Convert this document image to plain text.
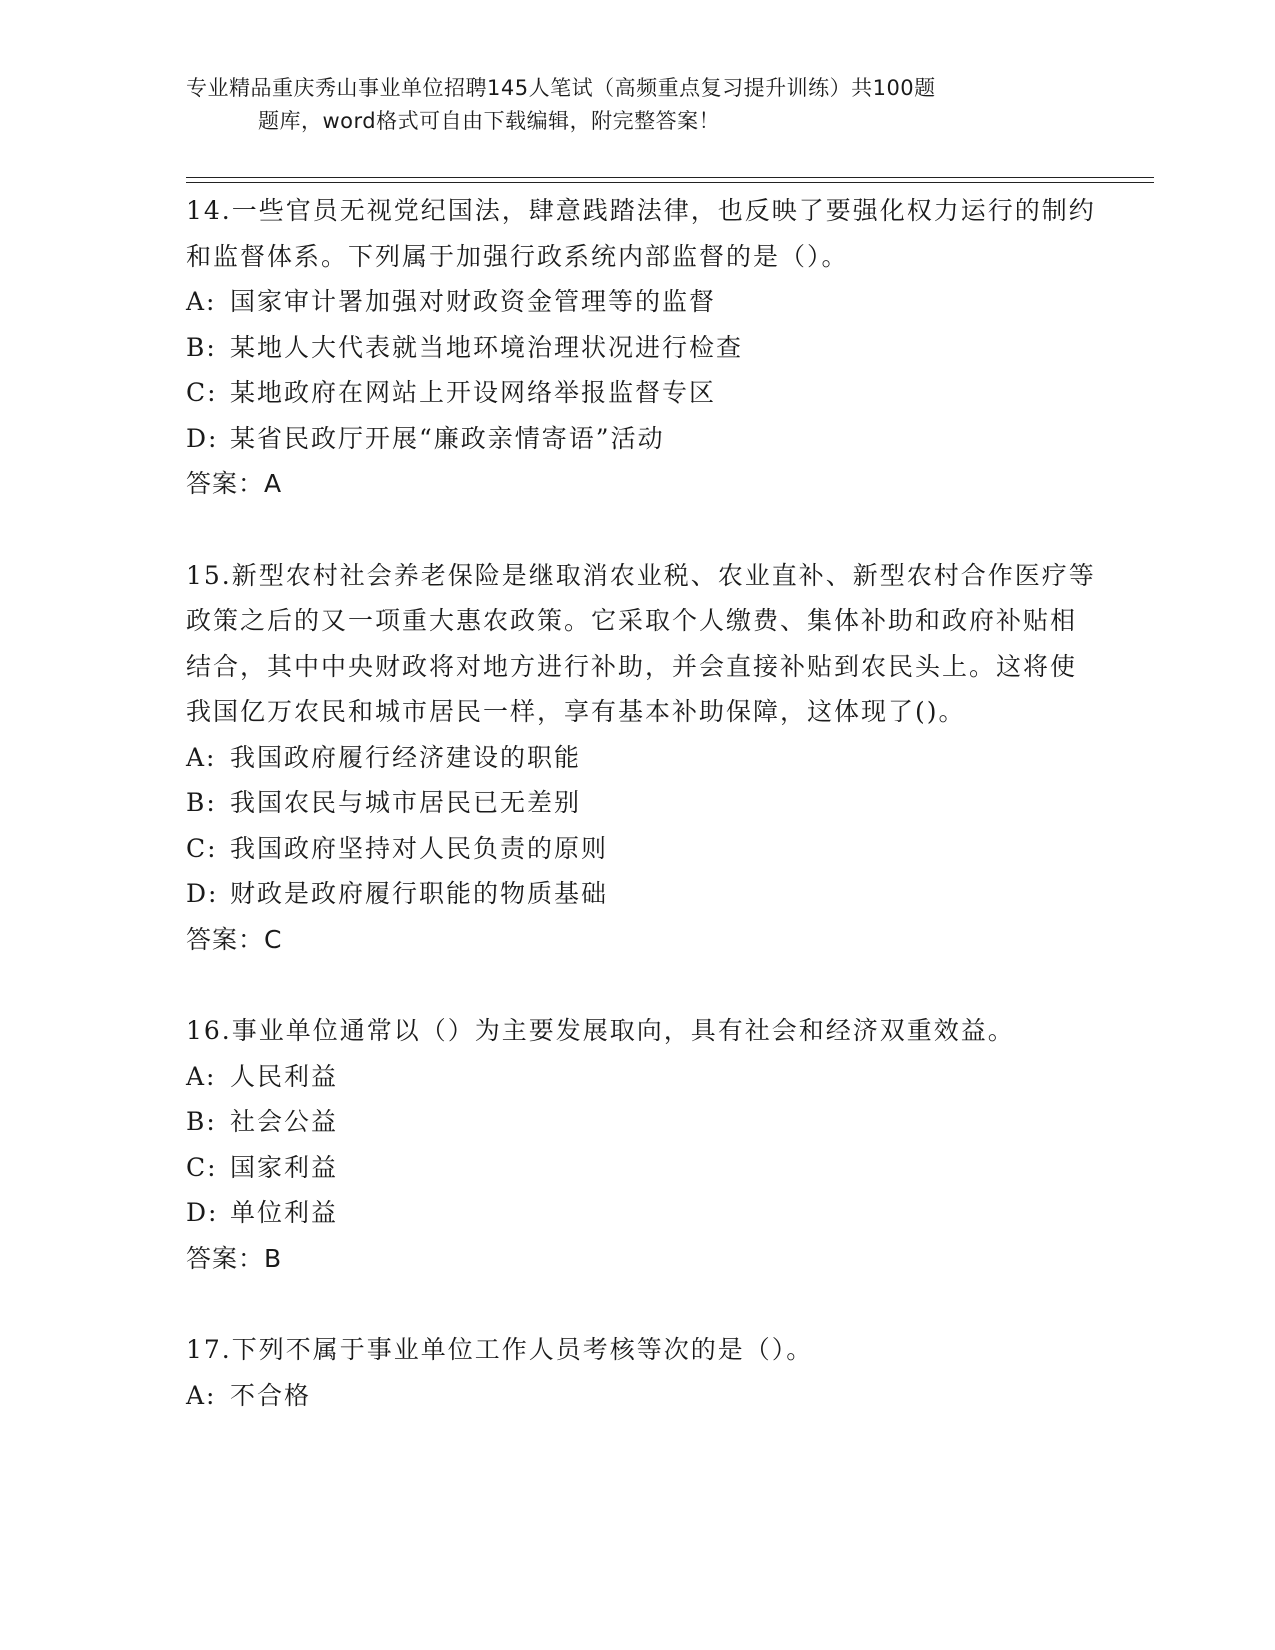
专业精品重庆秀山事业单位招聘145人笔试（高频重点复习提升训练）共100题
题库，word格式可自由下载编辑，附完整答案！

14.一些官员无视党纪国法，肆意践踏法律，也反映了要强化权力运行的制约和监督体系。下列属于加强行政系统内部监督的是（）。

A: 国家审计署加强对财政资金管理等的监督

B: 某地人大代表就当地环境治理状况进行检查

C: 某地政府在网站上开设网络举报监督专区

D: 某省民政厅开展“廉政亲情寄语”活动

答案：A

15.新型农村社会养老保险是继取消农业税、农业直补、新型农村合作医疗等政策之后的又一项重大惠农政策。它采取个人缴费、集体补助和政府补贴相结合，其中中央财政将对地方进行补助，并会直接补贴到农民头上。这将使我国亿万农民和城市居民一样，享有基本补助保障，这体现了()。

A: 我国政府履行经济建设的职能

B: 我国农民与城市居民已无差别

C: 我国政府坚持对人民负责的原则

D: 财政是政府履行职能的物质基础

答案：C

16.事业单位通常以（）为主要发展取向，具有社会和经济双重效益。

A: 人民利益

B: 社会公益

C: 国家利益

D: 单位利益

答案：B

17.下列不属于事业单位工作人员考核等次的是（）。

A: 不合格
